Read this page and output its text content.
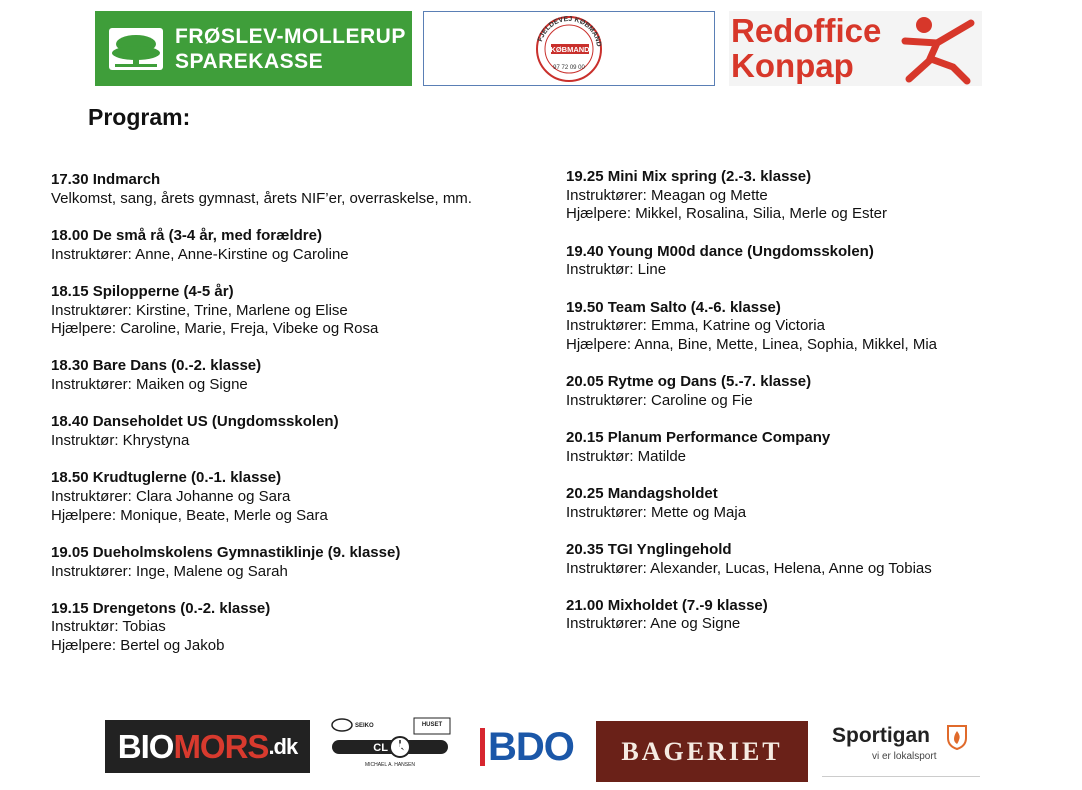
FRØSLEV-MOLLERUP
SPAREKASSE
FJELDEVEJ KØBMAND
KØBMAND
97 72 09 00
Redoffice
Konpap
Program:
17.30 Indmarch
Velkomst, sang, årets gymnast, årets NIF’er, overraskelse, mm.
18.00 De små rå (3-4 år, med forældre)
Instruktører: Anne, Anne-Kirstine og Caroline
18.15 Spilopperne (4-5 år)
Instruktører: Kirstine, Trine, Marlene og Elise
Hjælpere: Caroline, Marie, Freja, Vibeke og Rosa
18.30 Bare Dans (0.-2. klasse)
Instruktører: Maiken og Signe
18.40 Danseholdet US (Ungdomsskolen)
Instruktør: Khrystyna
18.50 Krudtuglerne (0.-1. klasse)
Instruktører: Clara Johanne og Sara
Hjælpere: Monique, Beate, Merle og Sara
19.05 Dueholmskolens Gymnastiklinje (9. klasse)
Instruktører: Inge, Malene og Sarah
19.15 Drengetons (0.-2. klasse)
Instruktør: Tobias
Hjælpere: Bertel og Jakob
19.25 Mini Mix spring (2.-3. klasse)
Instruktører: Meagan og Mette
Hjælpere: Mikkel, Rosalina, Silia, Merle og Ester
19.40 Young M00d dance (Ungdomsskolen)
Instruktør: Line
19.50 Team Salto (4.-6. klasse)
Instruktører: Emma, Katrine og Victoria
Hjælpere: Anna, Bine, Mette, Linea, Sophia, Mikkel, Mia
20.05 Rytme og Dans (5.-7. klasse)
Instruktører: Caroline og Fie
20.15 Planum Performance Company
Instruktør: Matilde
20.25 Mandagsholdet
Instruktører: Mette og Maja
20.35 TGI Ynglingehold
Instruktører: Alexander, Lucas, Helena, Anne og Tobias
21.00 Mixholdet (7.-9 klasse)
Instruktører: Ane og Signe
BIO MORS .dk
SEIKO	HUSET
CL CK
MICHAEL A. HANSEN BDO BAGERIET
Sportigan
vi er lokalsport
